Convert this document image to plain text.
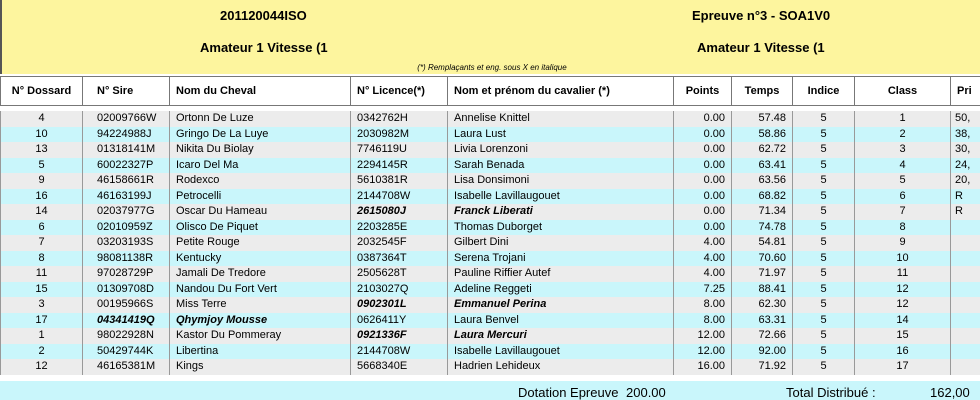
201120044ISO	Epreuve n°3 - SOA1V0
Amateur 1 Vitesse (1	Amateur 1 Vitesse (1
(*) Remplaçants et eng. sous X en italique
N° Dossard	N° Sire	Nom du Cheval	N° Licence(*)	Nom et prénom du cavalier (*)	Points	Temps	Indice	Class	Pri

4	02009766W	Ortonn De Luze	0342762H	Annelise Knittel	0.00	57.48	5	1	50,
10	94224988J	Gringo De La Luye	2030982M	Laura Lust	0.00	58.86	5	2	38,
13	01318141M	Nikita Du Biolay	7746119U	Livia Lorenzoni	0.00	62.72	5	3	30,
5	60022327P	Icaro Del Ma	2294145R	Sarah Benada	0.00	63.41	5	4	24,
9	46158661R	Rodexco	5610381R	Lisa Donsimoni	0.00	63.56	5	5	20,
16	46163199J	Petrocelli	2144708W	Isabelle Lavillaugouet	0.00	68.82	5	6	R
14	02037977G	Oscar Du Hameau	2615080J	Franck Liberati	0.00	71.34	5	7	R
6	02010959Z	Olisco De Piquet	2203285E	Thomas Duborget	0.00	74.78	5	8	
7	03203193S	Petite Rouge	2032545F	Gilbert Dini	4.00	54.81	5	9	
8	98081138R	Kentucky	0387364T	Serena Trojani	4.00	70.60	5	10	
11	97028729P	Jamali De Tredore	2505628T	Pauline Riffier Autef	4.00	71.97	5	11	
15	01309708D	Nandou Du Fort Vert	2103027Q	Adeline Reggeti	7.25	88.41	5	12	
3	00195966S	Miss Terre	0902301L	Emmanuel Perina	8.00	62.30	5	12	
17	04341419Q	Qhymjoy Mousse	0626411Y	Laura Benvel	8.00	63.31	5	14	
1	98022928N	Kastor Du Pommeray	0921336F	Laura Mercuri	12.00	72.66	5	15	
2	50429744K	Libertina	2144708W	Isabelle Lavillaugouet	12.00	92.00	5	16	
12	46165381M	Kings	5668340E	Hadrien Lehideux	16.00	71.92	5	17	
Dotation Epreuve 200.00	Total Distribué :	162,00
